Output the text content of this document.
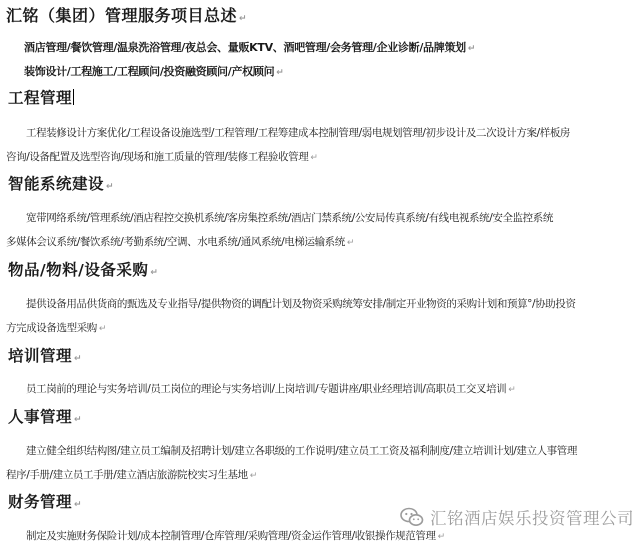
汇铭（集团）管理服务项目总述 ↵
酒店管理/餐饮管理/温泉洗浴管理/夜总会、量贩KTV、酒吧管理/会务管理/企业诊断/品牌策划 ↵
装饰设计/工程施工/工程顾问/投资融资顾问/产权顾问 ↵
工程管理
工程装修设计方案优化/工程设备设施选型/工程管理/工程筹建成本控制管理/弱电规划管理/初步设计及二次设计方案/样板房
咨询/设备配置及选型咨询/现场和施工质量的管理/装修工程验收管理 ↵
智能系统建设 ↵
宽带网络系统/管理系统/酒店程控交换机系统/客房集控系统/酒店门禁系统/公安局传真系统/有线电视系统/安全监控系统
多媒体会议系统/餐饮系统/考勤系统/空调、水电系统/通风系统/电梯运输系统 ↵
物品/物料/设备采购 ↵
提供设备用品供货商的甄选及专业指导/提供物资的调配计划及物资采购统筹安排/制定开业物资的采购计划和预算°/协助投资
方完成设备选型采购 ↵
培训管理 ↵
员工岗前的理论与实务培训/员工岗位的理论与实务培训/上岗培训/专题讲座/职业经理培训/高职员工交叉培训 ↵
人事管理 ↵
建立健全组织结构图/建立员工编制及招聘计划/建立各职级的工作说明/建立员工工资及福利制度/建立培训计划/建立人事管理
程序/手册/建立员工手册/建立酒店旅游院校实习生基地 ↵
财务管理 ↵
制定及实施财务保险计划/成本控制管理/仓库管理/采购管理/资金运作管理/收银操作规范管理 ↵
汇铭酒店娱乐投资管理公司
